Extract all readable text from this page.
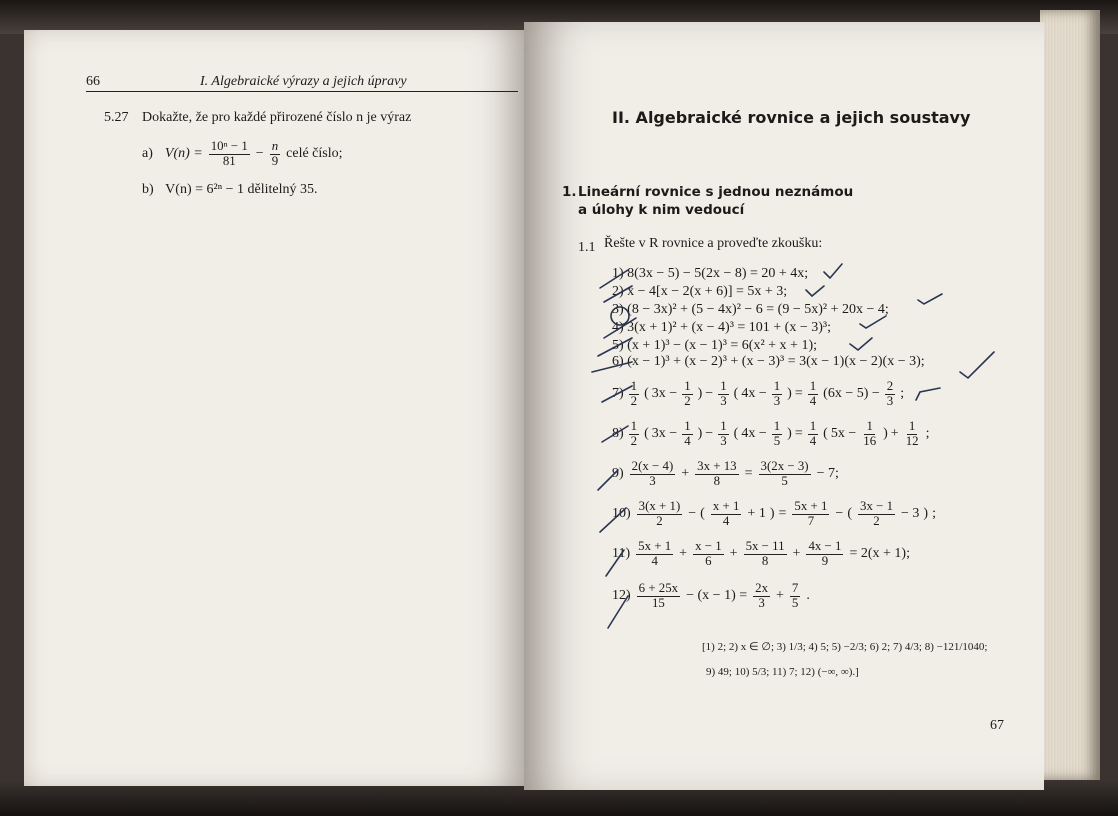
66	I. Algebraické výrazy a jejich úpravy
5.27 Dokažte, že pro každé přirozené číslo n je výraz
a) $V(n) = \frac{\text{10ⁿ − 1}}{81} - \frac{n}{9}$ celé číslo;
b) V(n) = 6²ⁿ − 1 dělitelný 35.
II. Algebraické rovnice a jejich soustavy
1. Lineární rovnice s jednou neznámou
a úlohy k nim vedoucí
1.1 Řešte v R rovnice a proveďte zkoušku:
1) 8(3x − 5) − 5(2x − 8) = 20 + 4x;
2) x − 4[x − 2(x + 6)] = 5x + 3;
3) (8 − 3x)² + (5 − 4x)² − 6 = (9 − 5x)² + 20x − 4;
4) 3(x + 1)² + (x − 4)³ = 101 + (x − 3)³;
5) (x + 1)³ − (x − 1)³ = 6(x² + x + 1);
6) (x − 1)³ + (x − 2)³ + (x − 3)³ = 3(x − 1)(x − 2)(x − 3);
$7) \frac{1}{2}$ ( $3x - \frac{1}{2}$ ) − $\frac{1}{3}$ ( $4x - \frac{1}{3}$ ) = $\frac{1}{4} (6x - 5) - \frac{2}{3}$ ;
$8) \frac{1}{2}$ ( $3x - \frac{1}{4}$ ) − $\frac{1}{3}$ ( $4x - \frac{1}{5}$ ) = $\frac{1}{4}$ ( $5x - \frac{1}{16}$ ) + $\frac{1}{12}$ ;
$9) \frac{2(x - 4)}{3} + \frac{3x + 13}{8} = \frac{3(2x - 3)}{5} - 7$;
$10) \frac{3(x + 1)}{2}$ − ( $\frac{x + 1}{4} + 1$ ) = $\frac{5x + 1}{7}$ − ( $\frac{3x - 1}{2} - 3$ ) ;
$11) \frac{5x + 1}{4} + \frac{x - 1}{6} + \frac{5x - 11}{8} + \frac{4x - 1}{9} = 2(x + 1)$;
$12) \frac{6 + 25x}{15} - (x - 1) = \frac{2x}{3} + \frac{7}{5}$ .
[1) 2; 2) x ∈ ∅; 3) 1/3; 4) 5; 5) −2/3; 6) 2; 7) 4/3; 8) −121/1040;
9) 49; 10) 5/3; 11) 7; 12) (−∞, ∞).]
67
